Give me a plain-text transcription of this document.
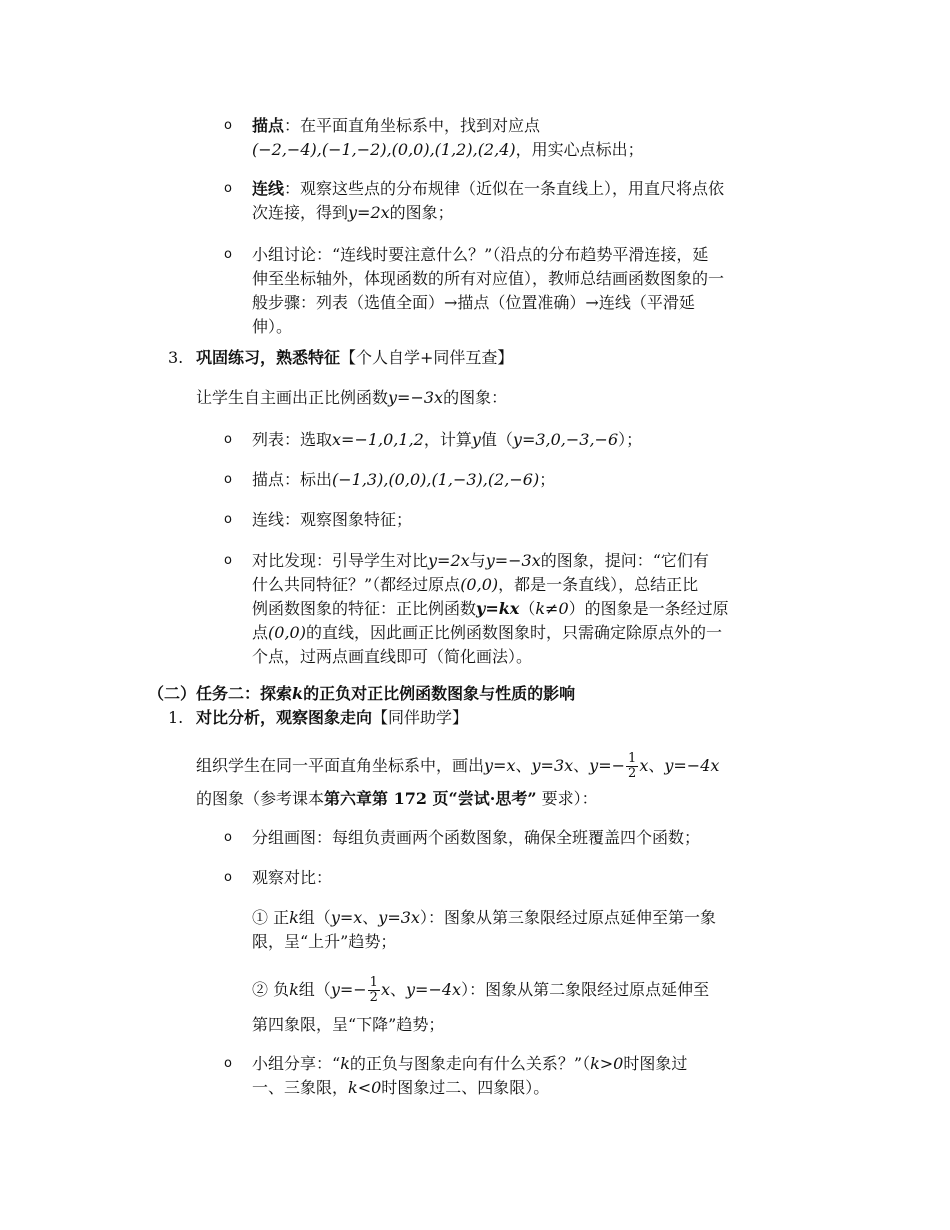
o 描点：在平面直角坐标系中，找到对应点
(−2,−4),(−1,−2),(0,0),(1,2),(2,4)，用实心点标出；
o 连线：观察这些点的分布规律（近似在一条直线上），用直尺将点依
次连接，得到y=2x的图象；
o 小组讨论：“连线时要注意什么？”（沿点的分布趋势平滑连接，延
伸至坐标轴外，体现函数的所有对应值），教师总结画函数图象的一
般步骤：列表（选值全面）→描点（位置准确）→连线（平滑延
伸）。
3. 巩固练习，熟悉特征【个人自学+同伴互查】
让学生自主画出正比例函数y=−3x的图象：
o 列表：选取x=−1,0,1,2，计算y值（y=3,0,−3,−6）；
o 描点：标出(−1,3),(0,0),(1,−3),(2,−6)；
o 连线：观察图象特征；
o 对比发现：引导学生对比y=2x与y=−3x的图象，提问：“它们有
什么共同特征？”（都经过原点(0,0)，都是一条直线），总结正比
例函数图象的特征：正比例函数y=kx（k≠0）的图象是一条经过原
点(0,0)的直线，因此画正比例函数图象时，只需确定除原点外的一
个点，过两点画直线即可（简化画法）。
（二）任务二：探索k的正负对正比例函数图象与性质的影响
1. 对比分析，观察图象走向【同伴助学】
组织学生在同一平面直角坐标系中，画出y=x、y=3x、$y=- \frac{1}{2}$ x、y=−4x
的图象（参考课本第六章第 172 页“尝试·思考” 要求）：
o 分组画图：每组负责画两个函数图象，确保全班覆盖四个函数；
o 观察对比：
① 正k组（y=x、y=3x）：图象从第三象限经过原点延伸至第一象
限，呈“上升”趋势；
② 负k组（$y=- \frac{1}{2}$ x、y=−4x）：图象从第二象限经过原点延伸至
第四象限，呈“下降”趋势；
o 小组分享：“k的正负与图象走向有什么关系？”（k>0时图象过
一、三象限，k<0时图象过二、四象限）。
